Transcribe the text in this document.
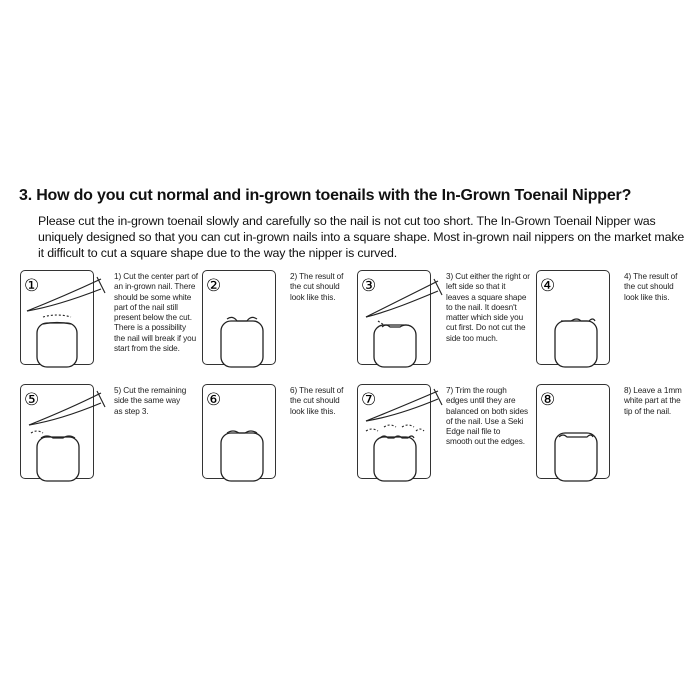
3. How do you cut normal and in-grown toenails with the In-Grown Toenail Nipper?
Please cut the in-grown toenail slowly and carefully so the nail is not cut too short. The In-Grown Toenail Nipper was uniquely designed so that you can cut in-grown nails into a square shape. Most in-grown nail nippers on the market make it difficult to cut a square shape due to the way the nipper is curved.
①	1) Cut the center part of an in-grown nail. There should be some white part of the nail still present below the cut. There is a possibility the nail will break if you start from the side.
②	2) The result of the cut should look like this.
③	3) Cut either the right or left side so that it leaves a square shape to the nail. It doesn't matter which side you cut first. Do not cut the side too much.
④	4) The result of the cut should look like this.
⑤	5) Cut the remaining side the same way as step 3.
⑥	6) The result of the cut should look like this.
⑦	7) Trim the rough edges until they are balanced on both sides of the nail. Use a Seki Edge nail file to smooth out the edges.
⑧	8) Leave a 1mm white part at the tip of the nail.
